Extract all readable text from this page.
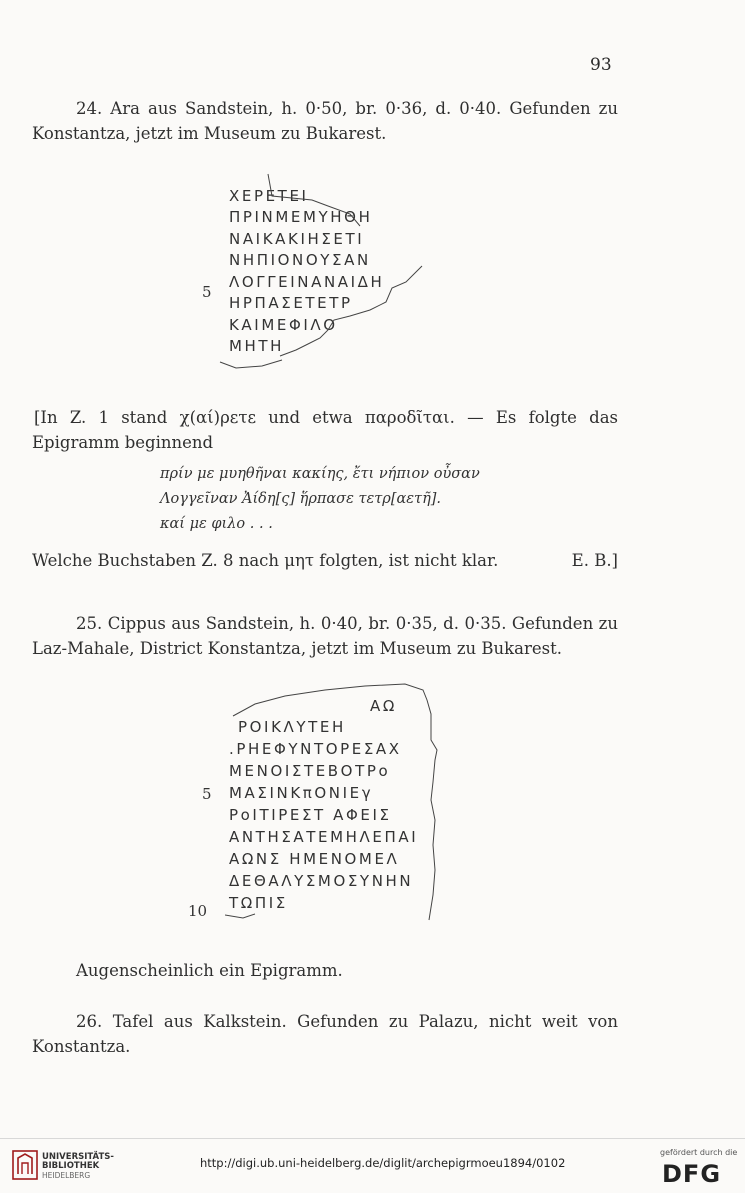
93

24. Ara aus Sandstein, h. 0·50, br. 0·36, d. 0·40. Gefunden zu Konstantza, jetzt im Museum zu Bukarest.

ΧΕΡΕΤΕΙ
ΠΡΙΝΜΕΜΥΗΘΗ
ΝΑΙΚΑΚΙΗΣΕΤΙ
ΝΗΠΙΟΝΟΥΣΑΝ
5
ΛΟΓΓΕΙΝΑΝΑΙΔΗ
ΗΡΠΑΣΕΤΕΤΡ
ΚΑΙΜΕΦΙΛΟ
ΜΗΤΗ

[In Z. 1 stand χ(αί)ρετε und etwa παροδῖται. — Es folgte das Epigramm beginnend

πρίν με μυηθῆναι κακίης, ἔτι νήπιον οὖσαν
Λογγεῖναν Ἀίδη[ς] ἥρπασε τετρ[αετῆ].
καί με φιλο . . .

Welche Buchstaben Z. 8 nach μητ folgten, ist nicht klar.	E. B.]

25. Cippus aus Sandstein, h. 0·40, br. 0·35, d. 0·35. Gefunden zu Laz-Mahale, District Konstantza, jetzt im Museum zu Bukarest.

ΑΩ
ΡΟΙΚΛΥΤΕΗ
.ΡΗΕΦΥΝΤΟΡΕΣΑΧ
ΜΕΝΟΙΣΤΕΒΟΤΡο
5 ΜΑΣΙΝΚπΟΝΙΕγ
ΡοΙΤΙΡΕΣΤ ΑΦΕΙΣ
ΑΝΤΗΣΑΤΕΜΗΛΕΠΑΙ
ΑΩΝΣ ΗΜΕΝΟΜΕΛ
ΔΕΘΑΛΥΣΜΟΣΥΝΗΝ
10 ΤΩΠΙΣ

Augenscheinlich ein Epigramm.

26. Tafel aus Kalkstein. Gefunden zu Palazu, nicht weit von Konstantza.

UNIVERSITÄTS-
BIBLIOTHEK
HEIDELBERG
http://digi.ub.uni-heidelberg.de/diglit/archepigrmoeu1894/0102
gefördert durch die
DFG
